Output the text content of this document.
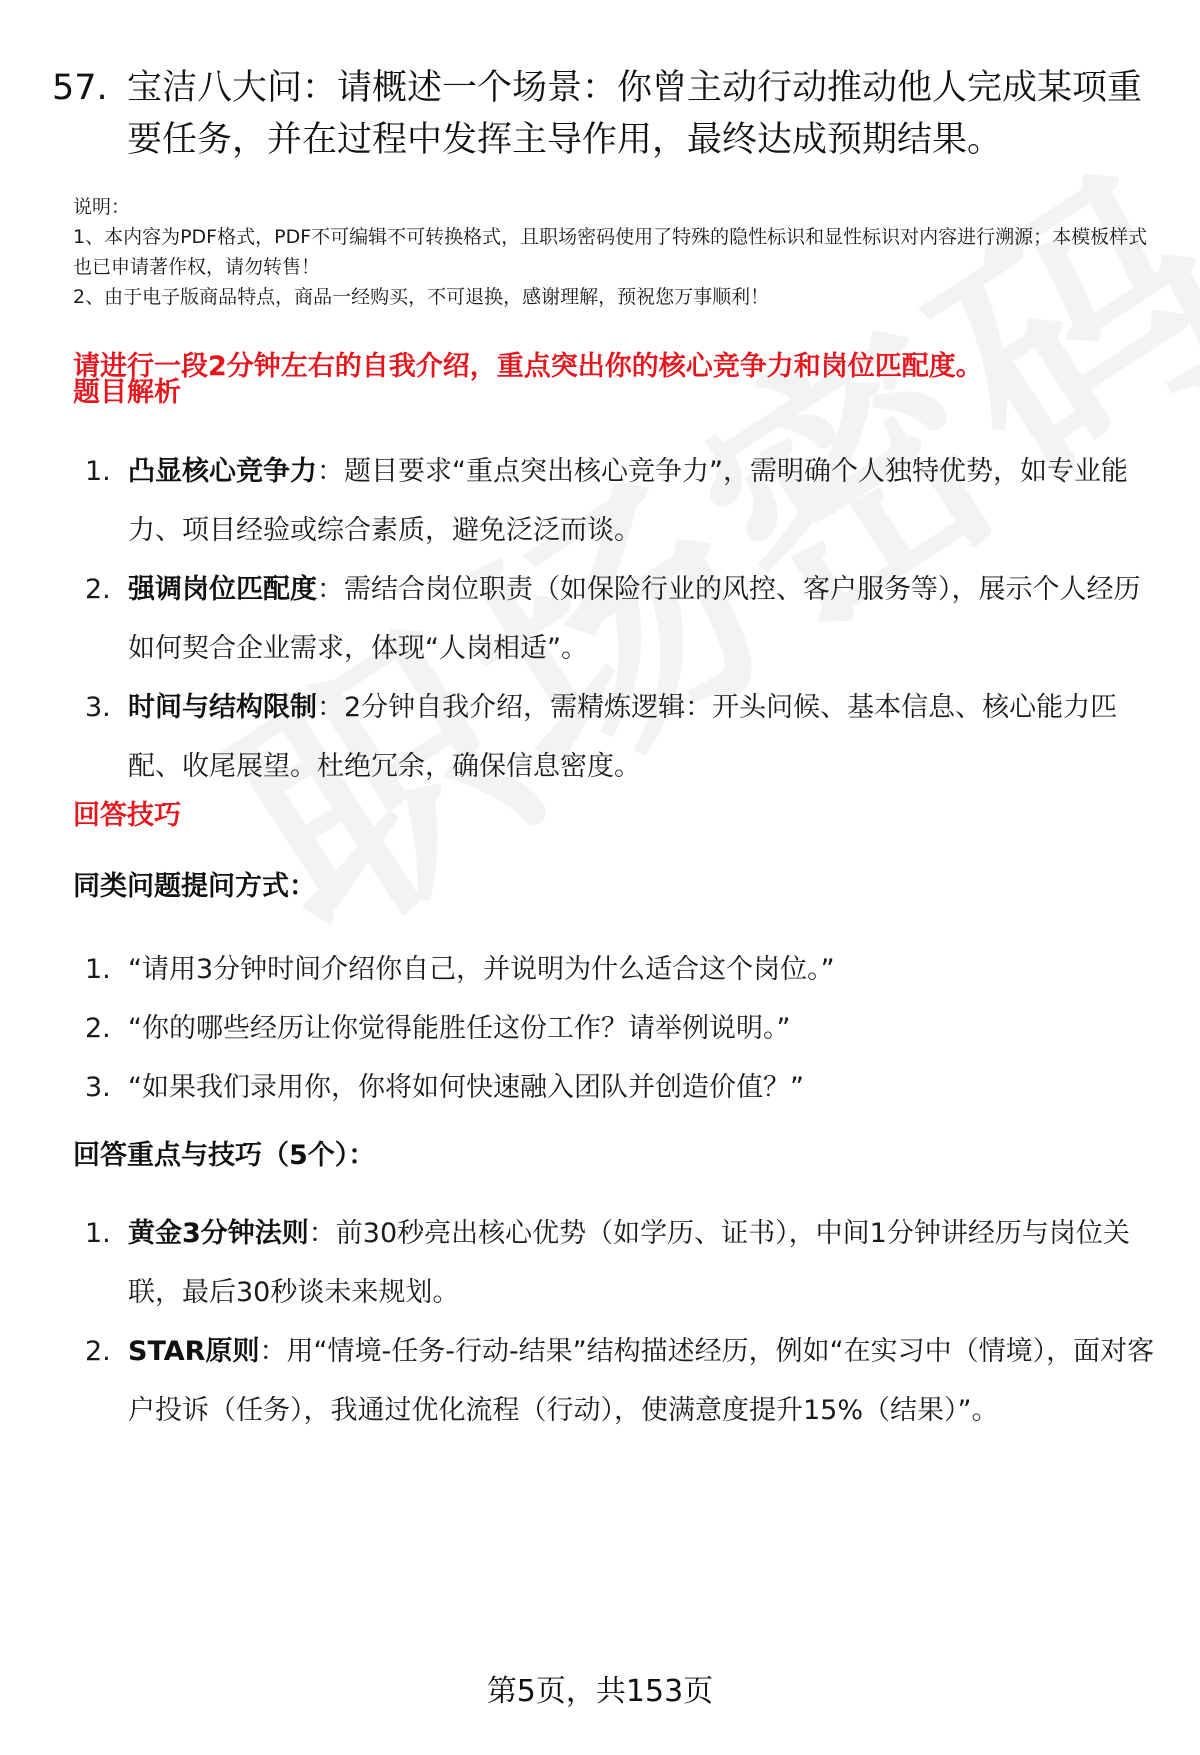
57. 宝洁八大问：请概述一个场景：你曾主动行动推动他人完成某项重要任务，并在过程中发挥主导作用，最终达成预期结果。
说明：
1、本内容为PDF格式，PDF不可编辑不可转换格式，且职场密码使用了特殊的隐性标识和显性标识对内容进行溯源；本模板样式也已申请著作权，请勿转售！
2、由于电子版商品特点，商品一经购买，不可退换，感谢理解，预祝您万事顺利！
请进行一段2分钟左右的自我介绍，重点突出你的核心竞争力和岗位匹配度。
题目解析
1. 凸显核心竞争力：题目要求“重点突出核心竞争力”，需明确个人独特优势，如专业能力、项目经验或综合素质，避免泛泛而谈。
2. 强调岗位匹配度：需结合岗位职责（如保险行业的风控、客户服务等），展示个人经历如何契合企业需求，体现“人岗相适”。
3. 时间与结构限制：2分钟自我介绍，需精炼逻辑：开头问候、基本信息、核心能力匹配、收尾展望。杜绝冗余，确保信息密度。
回答技巧
同类问题提问方式：
1. “请用3分钟时间介绍你自己，并说明为什么适合这个岗位。”
2. “你的哪些经历让你觉得能胜任这份工作？请举例说明。”
3. “如果我们录用你，你将如何快速融入团队并创造价值？”
回答重点与技巧（5个）：
1. 黄金3分钟法则：前30秒亮出核心优势（如学历、证书），中间1分钟讲经历与岗位关联，最后30秒谈未来规划。
2. STAR原则：用“情境-任务-行动-结果”结构描述经历，例如“在实习中（情境），面对客户投诉（任务），我通过优化流程（行动），使满意度提升15%（结果）”。
第5页，共153页
